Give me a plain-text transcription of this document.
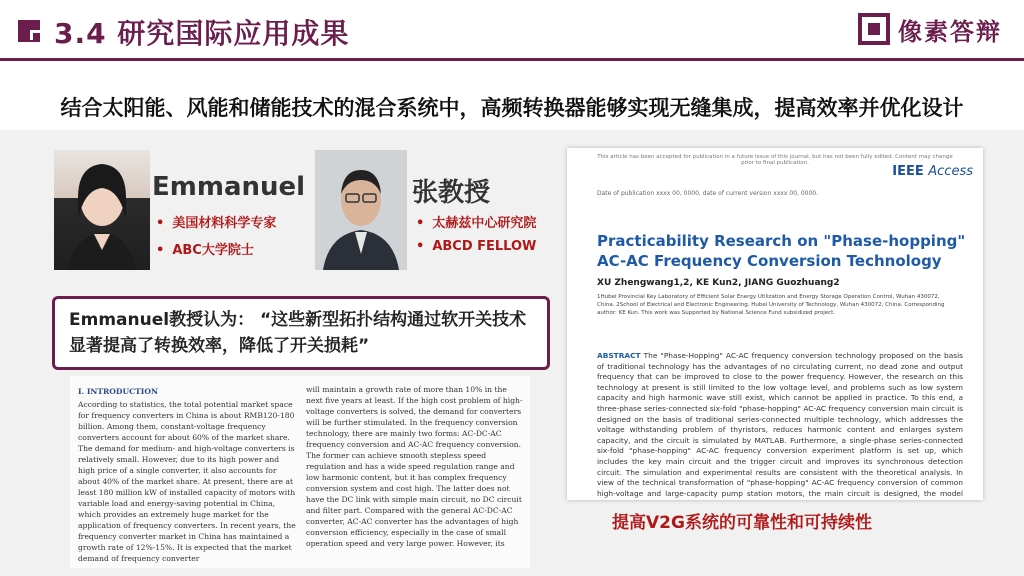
3.4 研究国际应用成果	像素答辩
结合太阳能、风能和储能技术的混合系统中，高频转换器能够实现无缝集成，提高效率并优化设计
Emmanuel
• 美国材料科学专家
• ABC大学院士
张教授
• 太赫兹中心研究院
• ABCD FELLOW
I. INTRODUCTION
According to statistics, the total potential market space for frequency converters in China is about RMB120-180 billion. Among them, constant-voltage frequency converters account for about 60% of the market share. The demand for medium- and high-voltage converters is relatively small. However, due to its high power and high price of a single converter, it also accounts for about 40% of the market share. At present, there are at least 180 million kW of installed capacity of motors with variable load and energy-saving potential in China, which provides an extremely huge market for the application of frequency converters. In recent years, the frequency converter market in China has maintained a growth rate of 12%-15%. It is expected that the market demand of frequency converter
will maintain a growth rate of more than 10% in the next five years at least. If the high cost problem of high-voltage converters is solved, the demand for converters will be further stimulated. In the frequency conversion technology, there are mainly two forms: AC-DC-AC frequency conversion and AC-AC frequency conversion. The former can achieve smooth stepless speed regulation and has a wide speed regulation range and low harmonic content, but it has complex frequency conversion system and cost high. The latter does not have the DC link with simple main circuit, no DC circuit and filter part. Compared with the general AC-DC-AC converter, AC-AC converter has the advantages of high conversion efficiency, especially in the case of small operation speed and very large power. However, its
Emmanuel教授认为： “这些新型拓扑结构通过软开关技术显著提高了转换效率，降低了开关损耗”
This article has been accepted for publication in a future issue of this journal, but has not been fully edited. Content may change prior to final publication.
IEEE Access
Date of publication xxxx 00, 0000, date of current version xxxx 00, 0000.
Practicability Research on "Phase-hopping" AC-AC Frequency Conversion Technology
XU Zhengwang1,2, KE Kun2, JIANG Guozhuang2
1Hubei Provincial Key Laboratory of Efficient Solar Energy Utilization and Energy Storage Operation Control, Wuhan 430072, China. 2School of Electrical and Electronic Engineering, Hubei University of Technology, Wuhan 430072, China. Corresponding author: KE Kun. This work was Supported by National Science Fund subsidized project.
ABSTRACT The "Phase-Hopping" AC-AC frequency conversion technology proposed on the basis of traditional technology has the advantages of no circulating current, no dead zone and output frequency that can be improved to close to the power frequency. However, the research on this technology at present is still limited to the low voltage level, and problems such as low system capacity and high harmonic wave still exist, which cannot be applied in practice. To this end, a three-phase series-connected six-fold "phase-hopping" AC-AC frequency conversion main circuit is designed on the basis of traditional series-connected multiple technology, which addresses the voltage withstanding problem of thyristors, reduces harmonic content and enlarges system capacity, and the circuit is simulated by MATLAB. Furthermore, a single-phase series-connected six-fold "phase-hopping" AC-AC frequency conversion experiment platform is set up, which includes the key main circuit and the trigger circuit and improves its synchronous detection circuit. The simulation and experimental results are consistent with the theoretical analysis. In view of the technical transformation of "phase-hopping" AC-AC frequency conversion of common high-voltage and large-capacity pump station motors, the main circuit is designed, the model
提高V2G系统的可靠性和可持续性
